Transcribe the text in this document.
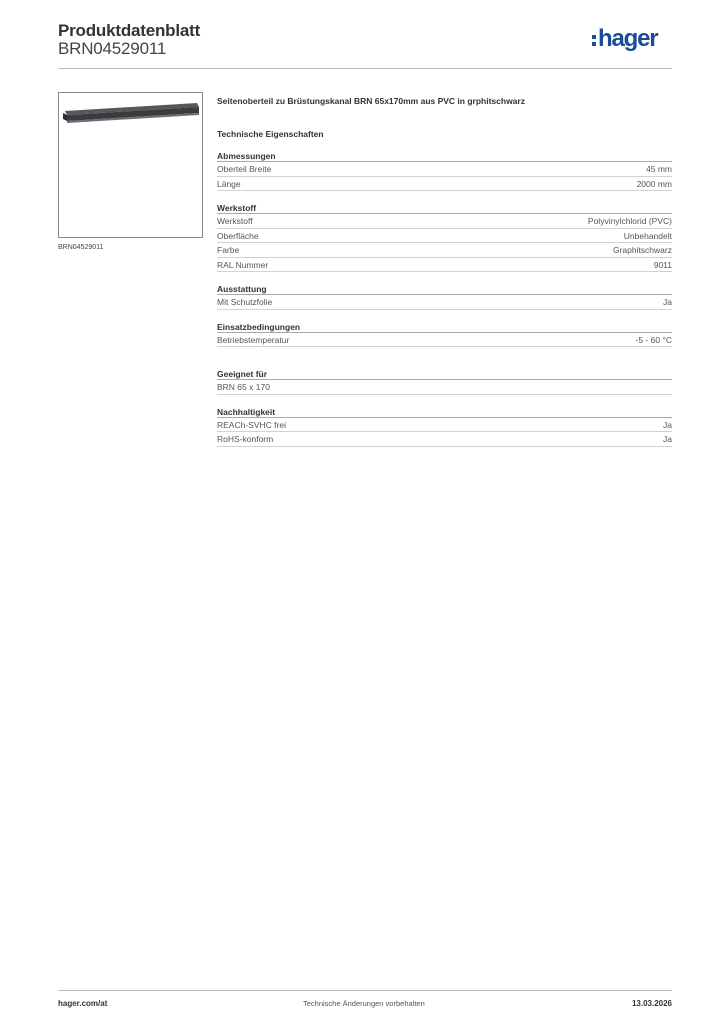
Produktdatenblatt
BRN04529011	hager
BRN04529011
Seitenoberteil zu Brüstungskanal BRN 65x170mm aus PVC in grphitschwarz
Technische Eigenschaften
Abmessungen
Oberteil Breite	45 mm
Länge	2000 mm
Werkstoff
Werkstoff	Polyvinylchlorid (PVC)
Oberfläche	Unbehandelt
Farbe	Graphitschwarz
RAL Nummer	9011
Ausstattung
Mit Schutzfolie	Ja
Einsatzbedingungen
Betriebstemperatur	-5 - 60 °C
Geeignet für
BRN 65 x 170
Nachhaltigkeit
REACh-SVHC frei	Ja
RoHS-konform	Ja
hager.com/at	Technische Änderungen vorbehalten	13.03.2026
